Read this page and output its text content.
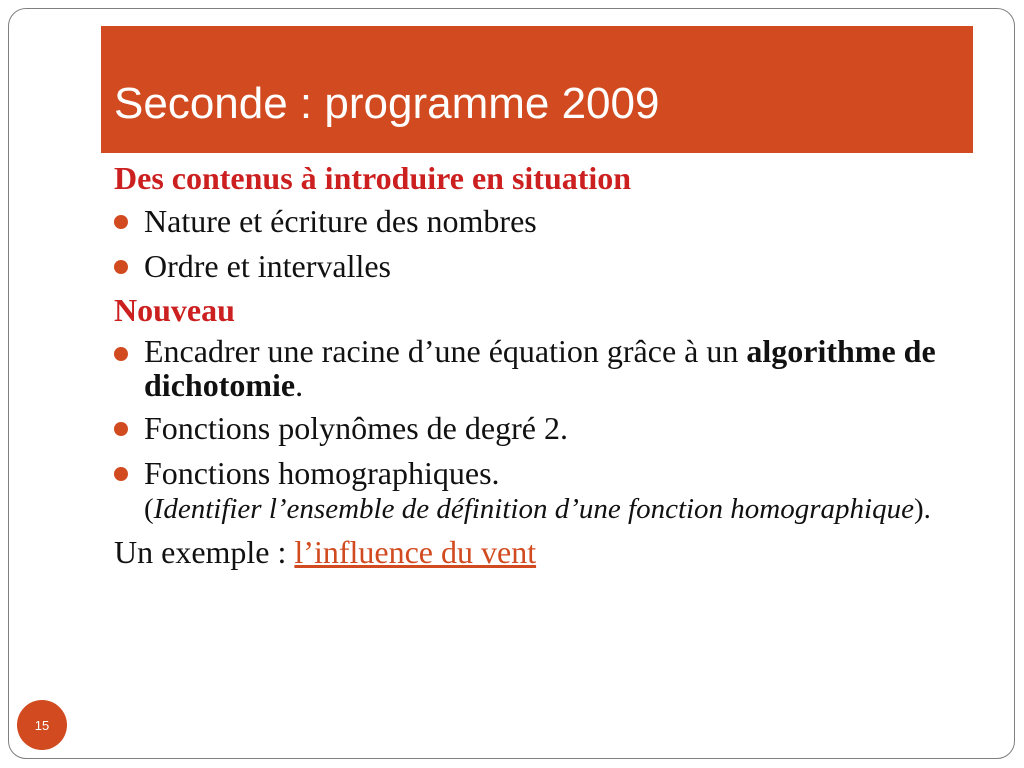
Seconde : programme 2009
Des contenus à introduire en situation
Nature et écriture des nombres
Ordre et intervalles
Nouveau
Encadrer une racine d’une équation grâce à un algorithme de dichotomie.
Fonctions polynômes de degré 2.
Fonctions homographiques.
(Identifier l’ensemble de définition d’une fonction homographique).
Un exemple : l’influence du vent
15
